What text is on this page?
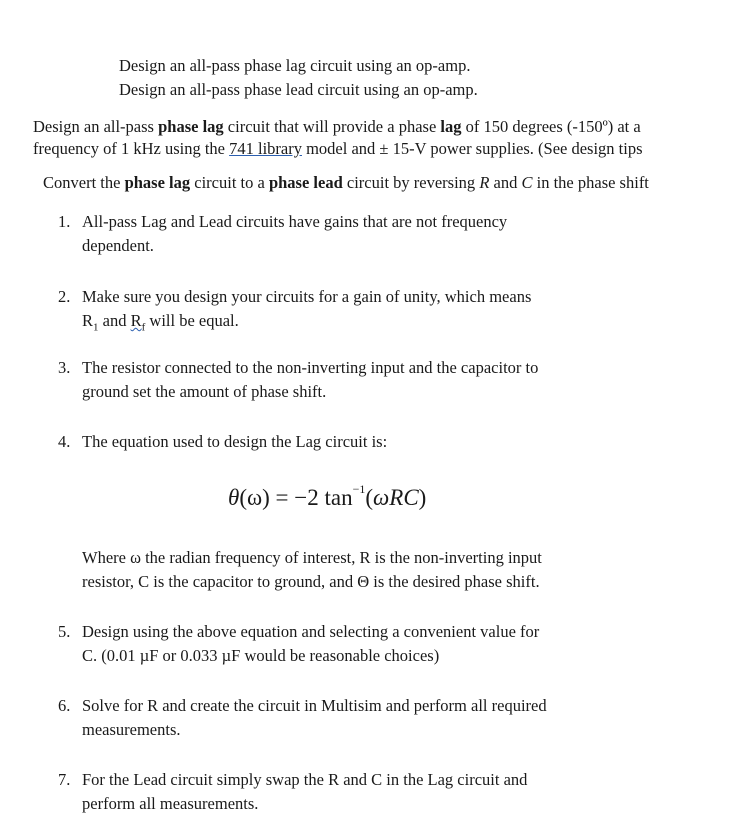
Design an all-pass phase lag circuit using an op-amp.
Design an all-pass phase lead circuit using an op-amp.
Design an all-pass phase lag circuit that will provide a phase lag of 150 degrees (-150º) at a
frequency of 1 kHz using the 741 library model and ± 15-V power supplies. (See design tips
Convert the phase lag circuit to a phase lead circuit by reversing R and C in the phase shift
1. All-pass Lag and Lead circuits have gains that are not frequency
dependent.
2. Make sure you design your circuits for a gain of unity, which means
$R_1$ and $R_f$ will be equal.
3. The resistor connected to the non-inverting input and the capacitor to
ground set the amount of phase shift.
4. The equation used to design the Lag circuit is:
θ(ω) = −2 $\tan^{-1}(\omega RC)$
Where ω the radian frequency of interest, R is the non-inverting input
resistor, C is the capacitor to ground, and Θ is the desired phase shift.
5. Design using the above equation and selecting a convenient value for
C. (0.01 µF or 0.033 µF would be reasonable choices)
6. Solve for R and create the circuit in Multisim and perform all required
measurements.
7. For the Lead circuit simply swap the R and C in the Lag circuit and
perform all measurements.
